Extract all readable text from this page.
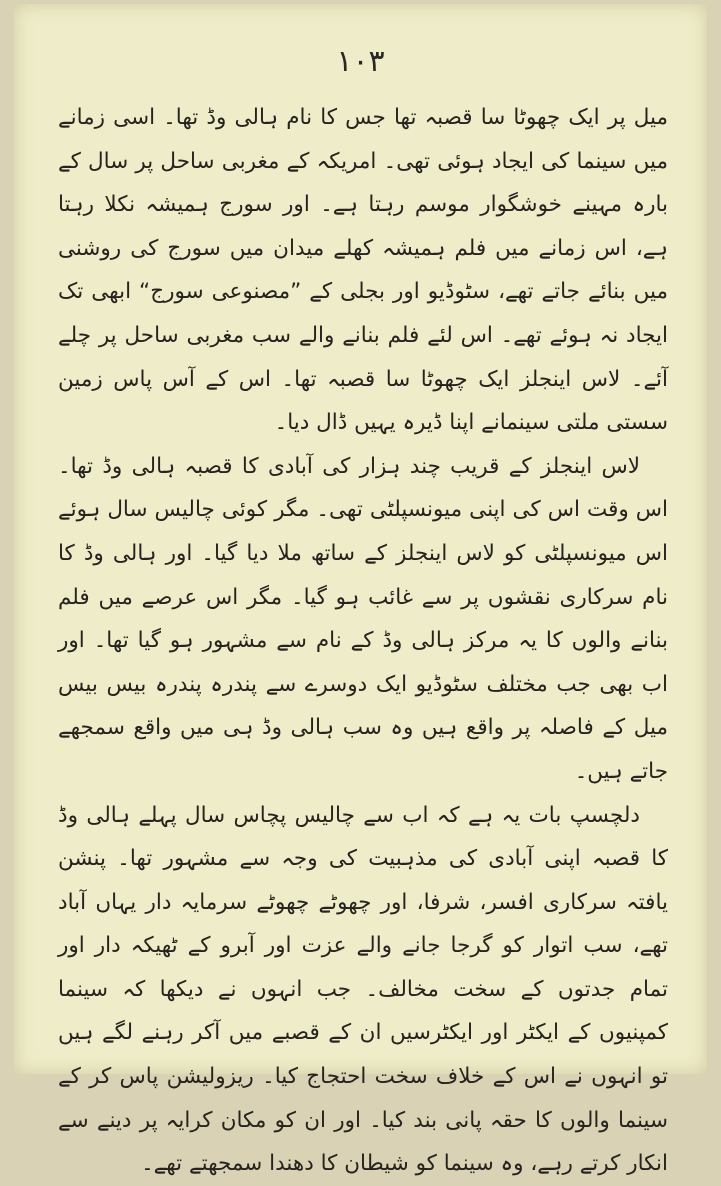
۱۰۳

میل پر ایک چھوٹا سا قصبہ تھا جس کا نام ہالی وڈ تھا۔ اسی زمانے میں سینما کی ایجاد ہوئی تھی۔ امریکہ کے مغربی ساحل پر سال کے بارہ مہینے خوشگوار موسم رہتا ہے۔ اور سورج ہمیشہ نکلا رہتا ہے، اس زمانے میں فلم ہمیشہ کھلے میدان میں سورج کی روشنی میں بنائے جاتے تھے، سٹوڈیو اور بجلی کے ”مصنوعی سورج“ ابھی تک ایجاد نہ ہوئے تھے۔ اس لئے فلم بنانے والے سب مغربی ساحل پر چلے آئے۔ لاس اینجلز ایک چھوٹا سا قصبہ تھا۔ اس کے آس پاس زمین سستی ملتی سینمانے اپنا ڈیرہ یہیں ڈال دیا۔

لاس اینجلز کے قریب چند ہزار کی آبادی کا قصبہ ہالی وڈ تھا۔ اس وقت اس کی اپنی میونسپلٹی تھی۔ مگر کوئی چالیس سال ہوئے اس میونسپلٹی کو لاس اینجلز کے ساتھ ملا دیا گیا۔ اور ہالی وڈ کا نام سرکاری نقشوں پر سے غائب ہو گیا۔ مگر اس عرصے میں فلم بنانے والوں کا یہ مرکز ہالی وڈ کے نام سے مشہور ہو گیا تھا۔ اور اب بھی جب مختلف سٹوڈیو ایک دوسرے سے پندرہ پندرہ بیس بیس میل کے فاصلہ پر واقع ہیں وہ سب ہالی وڈ ہی میں واقع سمجھے جاتے ہیں۔

دلچسپ بات یہ ہے کہ اب سے چالیس پچاس سال پہلے ہالی وڈ کا قصبہ اپنی آبادی کی مذہبیت کی وجہ سے مشہور تھا۔ پنشن یافتہ سرکاری افسر، شرفا، اور چھوٹے چھوٹے سرمایہ دار یہاں آباد تھے، سب اتوار کو گرجا جانے والے عزت اور آبرو کے ٹھیکہ دار اور تمام جدتوں کے سخت مخالف۔ جب انہوں نے دیکھا کہ سینما کمپنیوں کے ایکٹر اور ایکٹرسیں ان کے قصبے میں آکر رہنے لگے ہیں تو انہوں نے اس کے خلاف سخت احتجاج کیا۔ ریزولیشن پاس کر کے سینما والوں کا حقہ پانی بند کیا۔ اور ان کو مکان کرایہ پر دینے سے انکار کرتے رہے، وہ سینما کو شیطان کا دھندا سمجھتے تھے۔
